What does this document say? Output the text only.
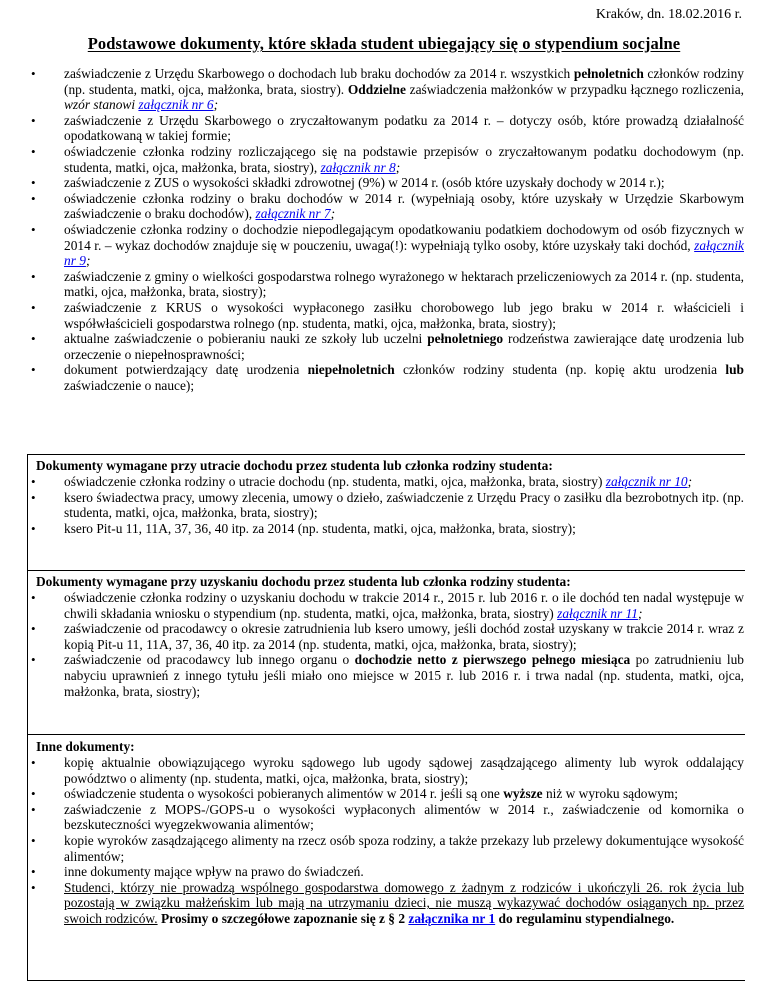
Kraków, dn. 18.02.2016 r.
Podstawowe dokumenty, które składa student ubiegający się o stypendium socjalne
• zaświadczenie z Urzędu Skarbowego o dochodach lub braku dochodów za 2014 r. wszystkich pełnoletnich członków rodziny (np. studenta, matki, ojca, małżonka, brata, siostry). Oddzielne zaświadczenia małżonków w przypadku łącznego rozliczenia, wzór stanowi załącznik nr 6;
• zaświadczenie z Urzędu Skarbowego o zryczałtowanym podatku za 2014 r. – dotyczy osób, które prowadzą działalność opodatkowaną w takiej formie;
• oświadczenie członka rodziny rozliczającego się na podstawie przepisów o zryczałtowanym podatku dochodowym (np. studenta, matki, ojca, małżonka, brata, siostry), załącznik nr 8;
• zaświadczenie z ZUS o wysokości składki zdrowotnej (9%) w 2014 r. (osób które uzyskały dochody w 2014 r.);
• oświadczenie członka rodziny o braku dochodów w 2014 r. (wypełniają osoby, które uzyskały w Urzędzie Skarbowym zaświadczenie o braku dochodów), załącznik nr 7;
• oświadczenie członka rodziny o dochodzie niepodlegającym opodatkowaniu podatkiem dochodowym od osób fizycznych w 2014 r. – wykaz dochodów znajduje się w pouczeniu, uwaga(!): wypełniają tylko osoby, które uzyskały taki dochód, załącznik nr 9;
• zaświadczenie z gminy o wielkości gospodarstwa rolnego wyrażonego w hektarach przeliczeniowych za 2014 r. (np. studenta, matki, ojca, małżonka, brata, siostry);
• zaświadczenie z KRUS o wysokości wypłaconego zasiłku chorobowego lub jego braku w 2014 r. właścicieli i współwłaścicieli gospodarstwa rolnego (np. studenta, matki, ojca, małżonka, brata, siostry);
• aktualne zaświadczenie o pobieraniu nauki ze szkoły lub uczelni pełnoletniego rodzeństwa zawierające datę urodzenia lub orzeczenie o niepełnosprawności;
• dokument potwierdzający datę urodzenia niepełnoletnich członków rodziny studenta (np. kopię aktu urodzenia lub zaświadczenie o nauce);
Dokumenty wymagane przy utracie dochodu przez studenta lub członka rodziny studenta:
• oświadczenie członka rodziny o utracie dochodu (np. studenta, matki, ojca, małżonka, brata, siostry) załącznik nr 10;
• ksero świadectwa pracy, umowy zlecenia, umowy o dzieło, zaświadczenie z Urzędu Pracy o zasiłku dla bezrobotnych itp. (np. studenta, matki, ojca, małżonka, brata, siostry);
• ksero Pit-u 11, 11A, 37, 36, 40 itp. za 2014 (np. studenta, matki, ojca, małżonka, brata, siostry);
Dokumenty wymagane przy uzyskaniu dochodu przez studenta lub członka rodziny studenta:
• oświadczenie członka rodziny o uzyskaniu dochodu w trakcie 2014 r., 2015 r. lub 2016 r. o ile dochód ten nadal występuje w chwili składania wniosku o stypendium (np. studenta, matki, ojca, małżonka, brata, siostry) załącznik nr 11;
• zaświadczenie od pracodawcy o okresie zatrudnienia lub ksero umowy, jeśli dochód został uzyskany w trakcie 2014 r. wraz z kopią Pit-u 11, 11A, 37, 36, 40 itp. za 2014 (np. studenta, matki, ojca, małżonka, brata, siostry);
• zaświadczenie od pracodawcy lub innego organu o dochodzie netto z pierwszego pełnego miesiąca po zatrudnieniu lub nabyciu uprawnień z innego tytułu jeśli miało ono miejsce w 2015 r. lub 2016 r. i trwa nadal (np. studenta, matki, ojca, małżonka, brata, siostry);
Inne dokumenty:
• kopię aktualnie obowiązującego wyroku sądowego lub ugody sądowej zasądzającego alimenty lub wyrok oddalający powództwo o alimenty (np. studenta, matki, ojca, małżonka, brata, siostry);
• oświadczenie studenta o wysokości pobieranych alimentów w 2014 r. jeśli są one wyższe niż w wyroku sądowym;
• zaświadczenie z MOPS-/GOPS-u o wysokości wypłaconych alimentów w 2014 r., zaświadczenie od komornika o bezskuteczności wyegzekwowania alimentów;
• kopie wyroków zasądzającego alimenty na rzecz osób spoza rodziny, a także przekazy lub przelewy dokumentujące wysokość alimentów;
• inne dokumenty mające wpływ na prawo do świadczeń.
• Studenci, którzy nie prowadzą wspólnego gospodarstwa domowego z żadnym z rodziców i ukończyli 26. rok życia lub pozostają w związku małżeńskim lub mają na utrzymaniu dzieci, nie muszą wykazywać dochodów osiąganych np. przez swoich rodziców. Prosimy o szczegółowe zapoznanie się z § 2 załącznika nr 1 do regulaminu stypendialnego.
